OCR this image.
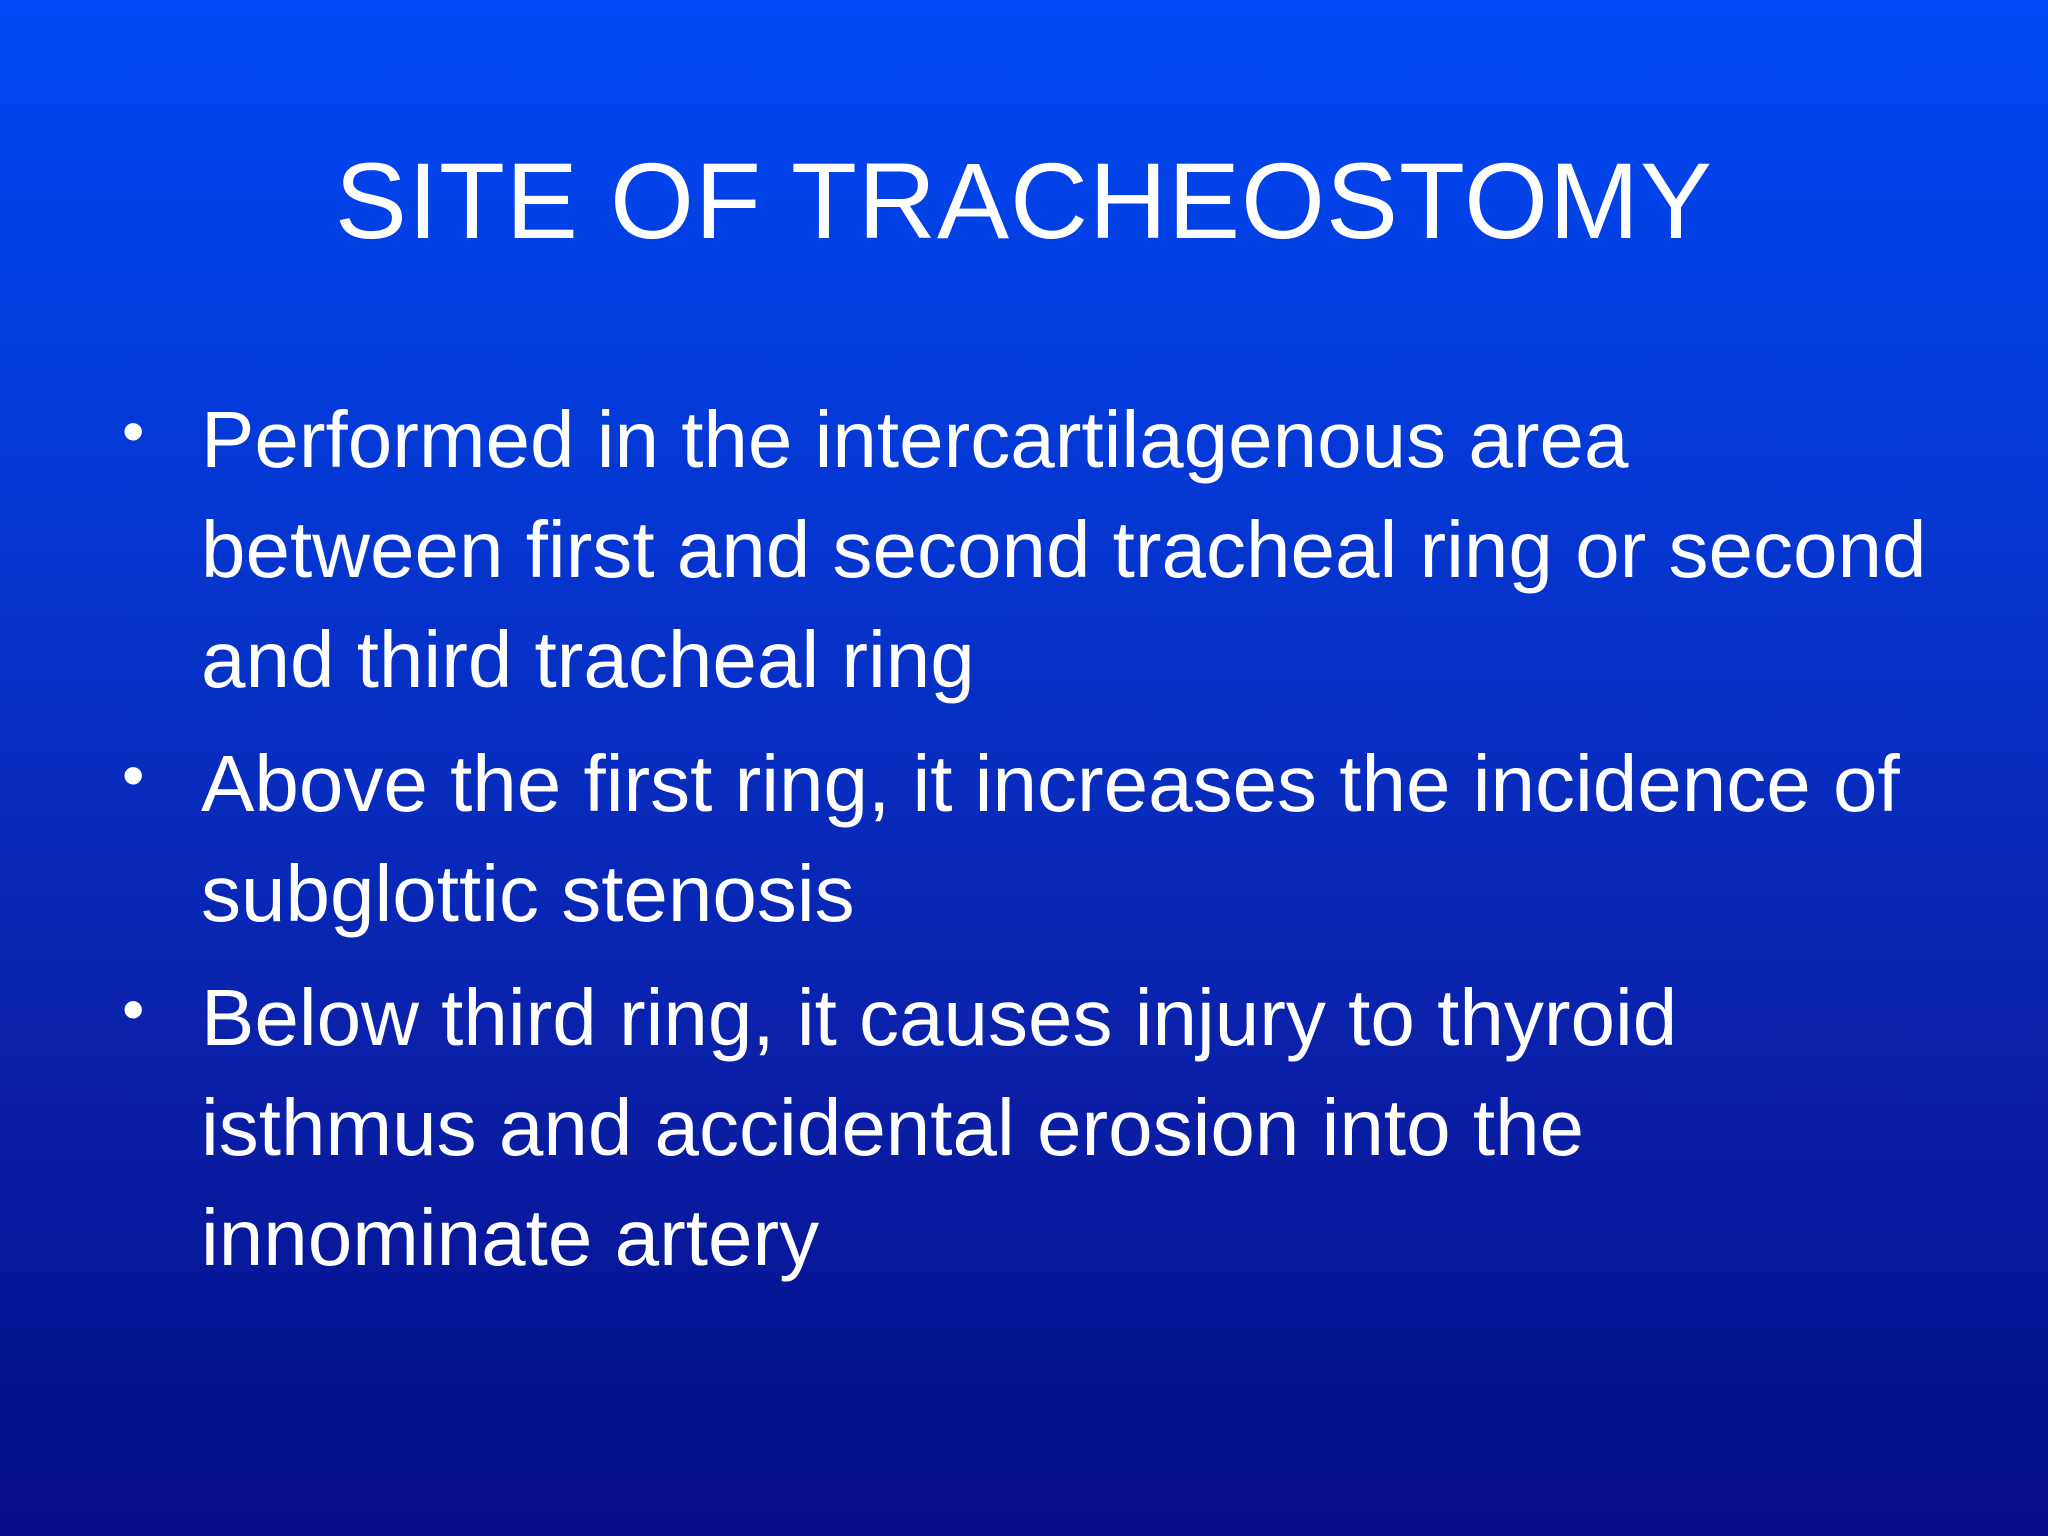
SITE OF TRACHEOSTOMY
• Performed in the intercartilagenous area between first and second tracheal ring or second and third tracheal ring
• Above the first ring, it increases the incidence of subglottic stenosis
• Below third ring, it causes injury to thyroid isthmus and accidental erosion into the innominate artery
